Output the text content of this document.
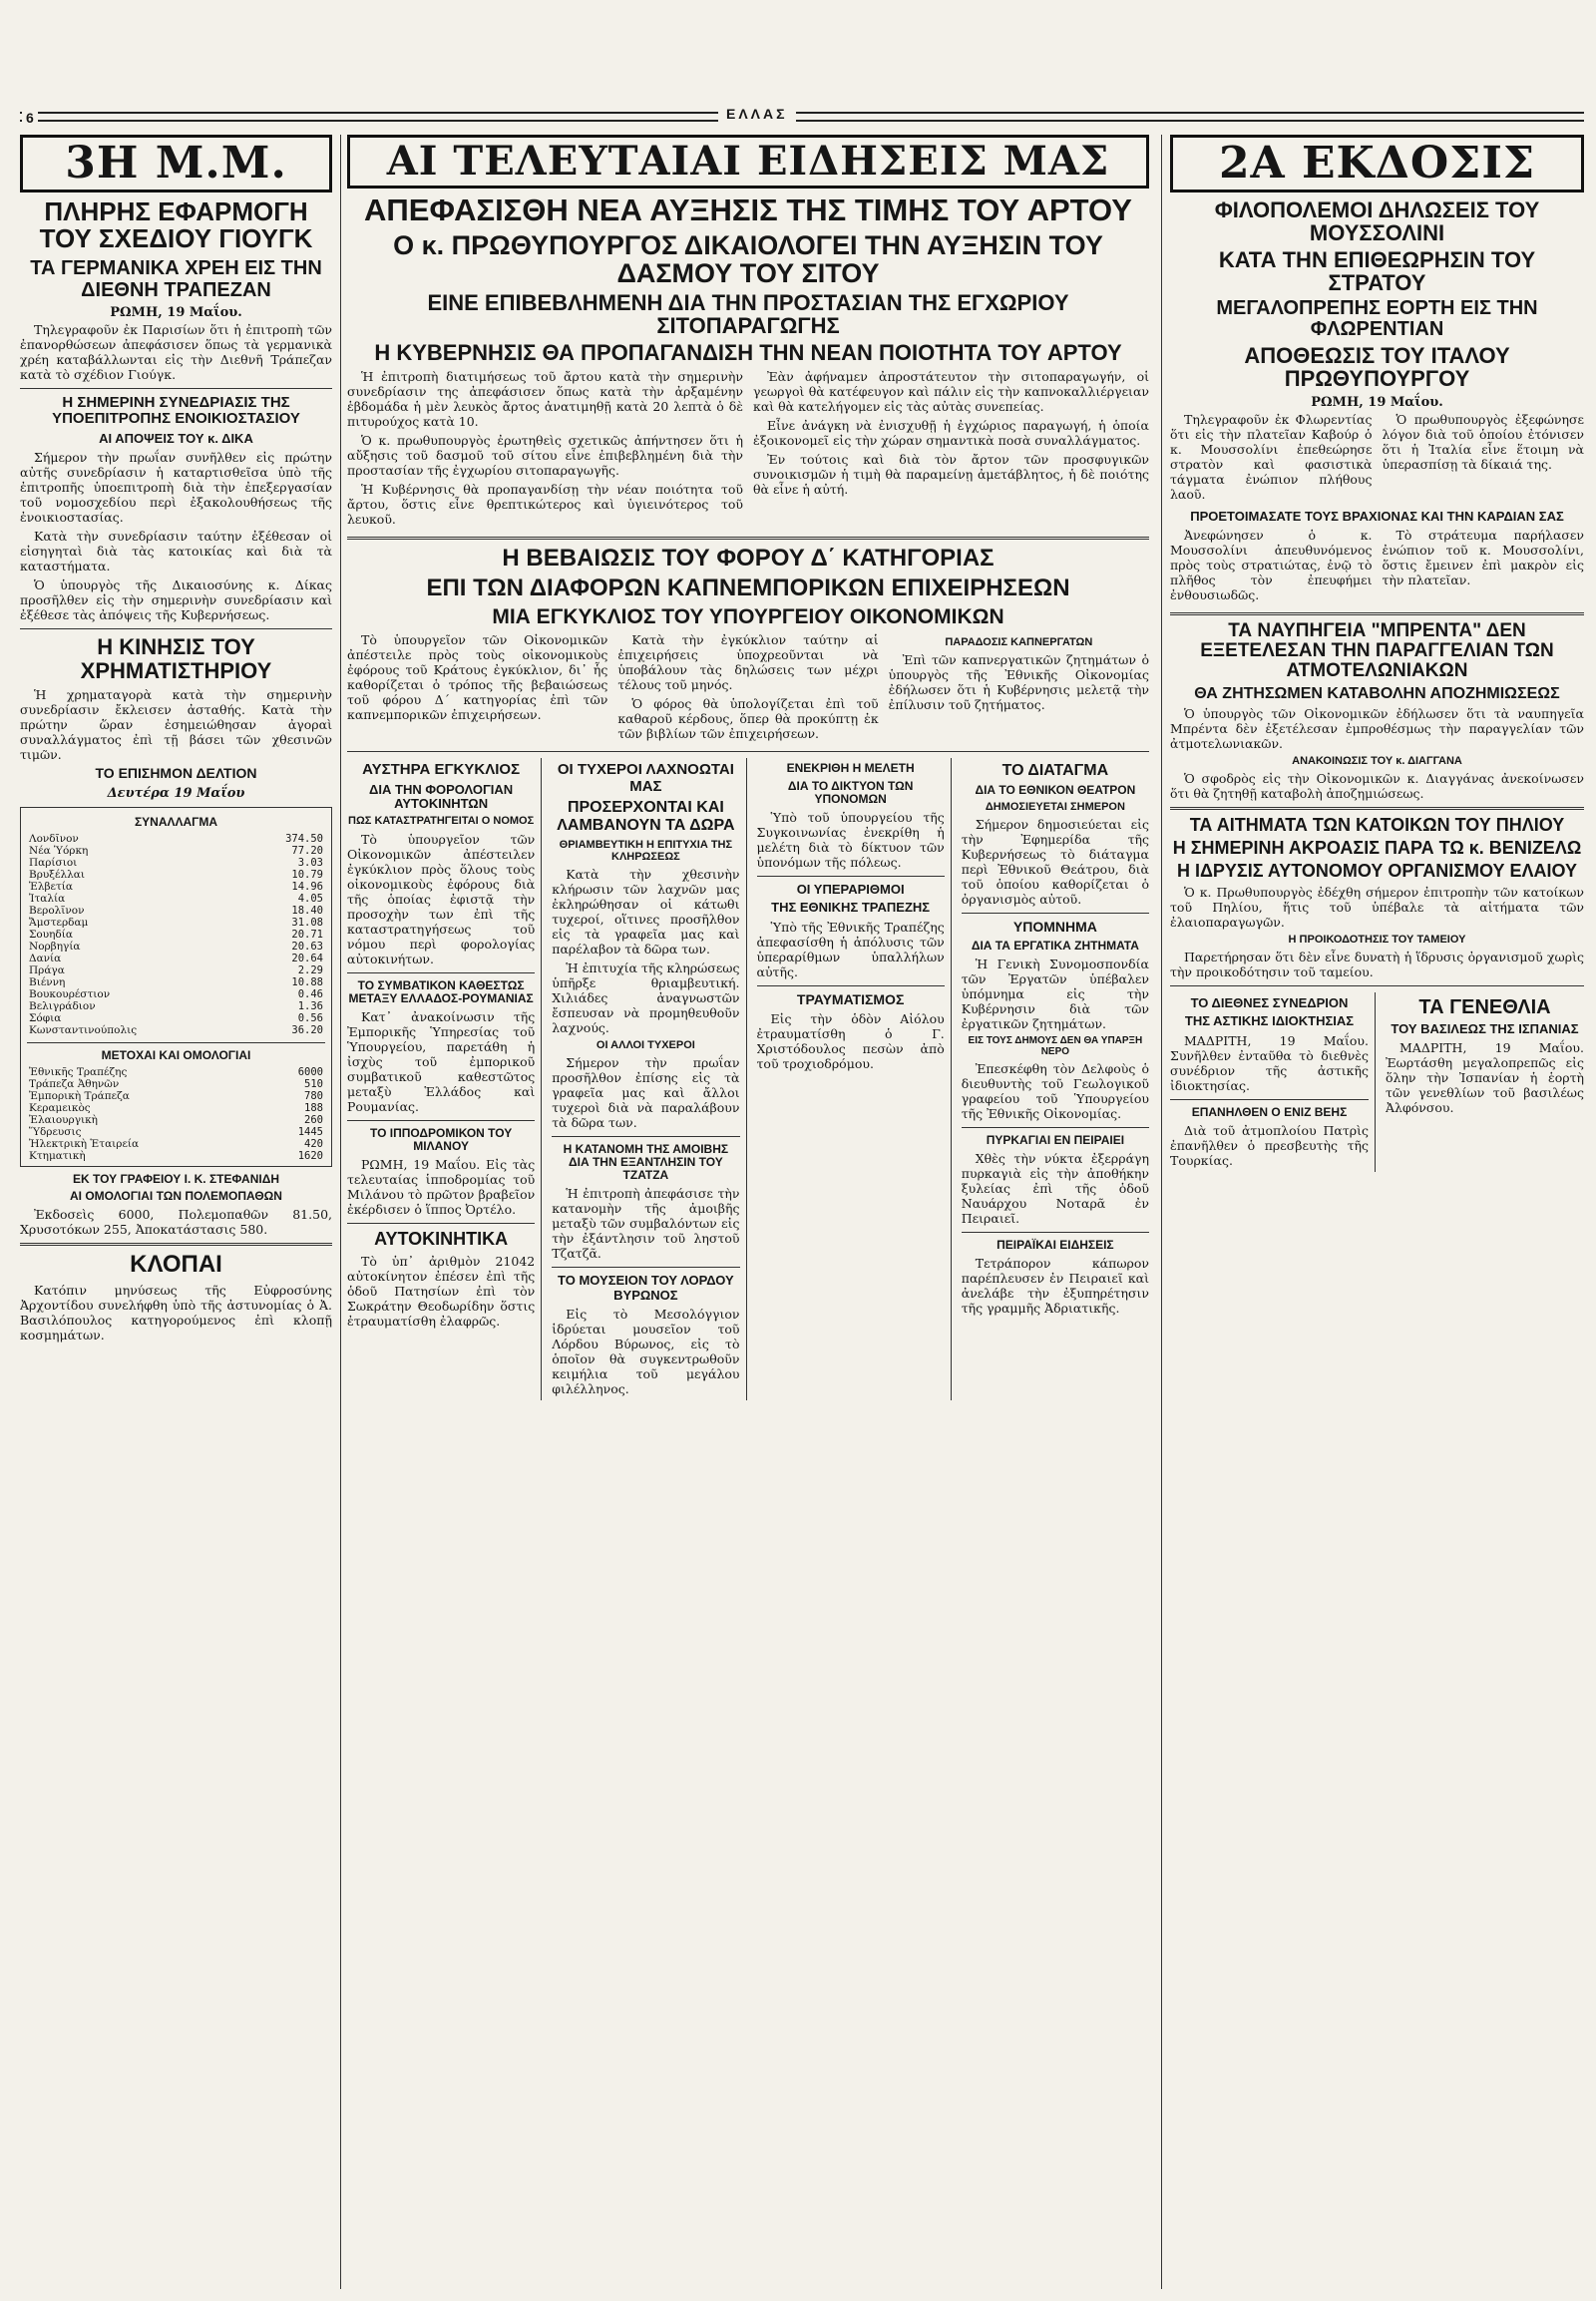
6	ΕΛΛΑΣ
3Η Μ.Μ.
ΠΛΗΡΗΣ ΕΦΑΡΜΟΓΗ ΤΟΥ ΣΧΕΔΙΟΥ ΓΙΟΥΓΚ
ΤΑ ΓΕΡΜΑΝΙΚΑ ΧΡΕΗ ΕΙΣ ΤΗΝ ΔΙΕΘΝΗ ΤΡΑΠΕΖΑΝ
ΡΩΜΗ, 19 Μαΐου.

Τηλεγραφοῦν ἐκ Παρισίων ὅτι ἡ ἐπιτροπὴ τῶν ἐπανορθώσεων ἀπεφάσισεν ὅπως τὰ γερμανικὰ χρέη καταβάλλωνται εἰς τὴν Διεθνῆ Τράπεζαν κατὰ τὸ σχέδιον Γιούγκ.

Η ΣΗΜΕΡΙΝΗ ΣΥΝΕΔΡΙΑΣΙΣ ΤΗΣ ΥΠΟΕΠΙΤΡΟΠΗΣ ΕΝΟΙΚΙΟΣΤΑΣΙΟΥ
ΑΙ ΑΠΟΨΕΙΣ ΤΟΥ κ. ΔΙΚΑ

Σήμερον τὴν πρωΐαν συνῆλθεν εἰς πρώτην αὐτῆς συνεδρίασιν ἡ καταρτισθεῖσα ὑπὸ τῆς ἐπιτροπῆς ὑποεπιτροπὴ διὰ τὴν ἐπεξεργασίαν τοῦ νομοσχεδίου περὶ ἐξακολουθήσεως τῆς ἐνοικιοστασίας.

Κατὰ τὴν συνεδρίασιν ταύτην ἐξέθεσαν οἱ εἰσηγηταὶ διὰ τὰς κατοικίας καὶ διὰ τὰ καταστήματα.

Ὁ ὑπουργὸς τῆς Δικαιοσύνης κ. Δίκας προσῆλθεν εἰς τὴν σημερινὴν συνεδρίασιν καὶ ἐξέθεσε τὰς ἀπόψεις τῆς Κυβερνήσεως.

Η ΚΙΝΗΣΙΣ ΤΟΥ ΧΡΗΜΑΤΙΣΤΗΡΙΟΥ

Ἡ χρηματαγορὰ κατὰ τὴν σημερινὴν συνεδρίασιν ἔκλεισεν ἀσταθής. Κατὰ τὴν πρώτην ὥραν ἐσημειώθησαν ἀγοραὶ συναλλάγματος ἐπὶ τῇ βάσει τῶν χθεσινῶν τιμῶν.

ΤΟ ΕΠΙΣΗΜΟΝ ΔΕΛΤΙΟΝ
Δευτέρα 19 Μαΐου
ΣΥΝΑΛΛΑΓΜΑ
Λονδῖνον	374.50
Νέα Ὑόρκη	77.20
Παρίσιοι	3.03
Βρυξέλλαι	10.79
Ἑλβετία	14.96
Ἰταλία	4.05
Βερολῖνον	18.40
Ἄμστερδαμ	31.08
Σουηδία	20.71
Νορβηγία	20.63
Δανία	20.64
Πράγα	2.29
Βιέννη	10.88
Βουκουρέστιον	0.46
Βελιγράδιον	1.36
Σόφια	0.56
Κωνσταντινούπολις	36.20
ΜΕΤΟΧΑΙ ΚΑΙ ΟΜΟΛΟΓΙΑΙ
Ἐθνικῆς Τραπέζης	6000
Τράπεζα Ἀθηνῶν	510
Ἐμπορικὴ Τράπεζα	780
Κεραμεικὸς	188
Ἐλαιουργικὴ	260
Ὕδρευσις	1445
Ἠλεκτρικὴ Ἑταιρεία	420
Κτηματικὴ	1620
ΕΚ ΤΟΥ ΓΡΑΦΕΙΟΥ Ι. Κ. ΣΤΕΦΑΝΙΔΗ
ΑΙ ΟΜΟΛΟΓΙΑΙ ΤΩΝ ΠΟΛΕΜΟΠΑΘΩΝ

Ἐκδοσεὶς 6000, Πολεμοπαθῶν 81.50, Χρυσοτόκων 255, Ἀποκατάστασις 580.

ΚΛΟΠΑΙ

Κατόπιν μηνύσεως τῆς Εὐφροσύνης Ἀρχοντίδου συνελήφθη ὑπὸ τῆς ἀστυνομίας ὁ Ἀ. Βασιλόπουλος κατηγορούμενος ἐπὶ κλοπῇ κοσμημάτων.

ΑΙ ΤΕΛΕΥΤΑΙΑΙ ΕΙΔΗΣΕΙΣ ΜΑΣ
ΑΠΕΦΑΣΙΣΘΗ ΝΕΑ ΑΥΞΗΣΙΣ ΤΗΣ ΤΙΜΗΣ ΤΟΥ ΑΡΤΟΥ
Ο κ. ΠΡΩΘΥΠΟΥΡΓΟΣ ΔΙΚΑΙΟΛΟΓΕΙ ΤΗΝ ΑΥΞΗΣΙΝ ΤΟΥ ΔΑΣΜΟΥ ΤΟΥ ΣΙΤΟΥ
ΕΙΝΕ ΕΠΙΒΕΒΛΗΜΕΝΗ ΔΙΑ ΤΗΝ ΠΡΟΣΤΑΣΙΑΝ ΤΗΣ ΕΓΧΩΡΙΟΥ ΣΙΤΟΠΑΡΑΓΩΓΗΣ
Η ΚΥΒΕΡΝΗΣΙΣ ΘΑ ΠΡΟΠΑΓΑΝΔΙΣΗ ΤΗΝ ΝΕΑΝ ΠΟΙΟΤΗΤΑ ΤΟΥ ΑΡΤΟΥ

Ἡ ἐπιτροπὴ διατιμήσεως τοῦ ἄρτου κατὰ τὴν σημερινὴν συνεδρίασιν της ἀπεφάσισεν ὅπως κατὰ τὴν ἀρξαμένην ἑβδομάδα ἡ μὲν λευκὸς ἄρτος ἀνατιμηθῇ κατὰ 20 λεπτὰ ὁ δὲ πιτυρούχος κατὰ 10.

Ὁ κ. πρωθυπουργὸς ἐρωτηθεὶς σχετικῶς ἀπήντησεν ὅτι ἡ αὔξησις τοῦ δασμοῦ τοῦ σίτου εἶνε ἐπιβεβλημένη διὰ τὴν προστασίαν τῆς ἐγχωρίου σιτοπαραγωγῆς.

Ἡ Κυβέρνησις θὰ προπαγανδίσῃ τὴν νέαν ποιότητα τοῦ ἄρτου, ὅστις εἶνε θρεπτικώτερος καὶ ὑγιεινότερος τοῦ λευκοῦ.

Ἐὰν ἀφήναμεν ἀπροστάτευτον τὴν σιτοπαραγωγήν, οἱ γεωργοὶ θὰ κατέφευγον καὶ πάλιν εἰς τὴν καπνοκαλλιέργειαν καὶ θὰ κατελήγομεν εἰς τὰς αὐτὰς συνεπείας.

Εἶνε ἀνάγκη νὰ ἐνισχυθῇ ἡ ἐγχώριος παραγωγή, ἡ ὁποία ἐξοικονομεῖ εἰς τὴν χώραν σημαντικὰ ποσὰ συναλλάγματος.

Ἐν τούτοις καὶ διὰ τὸν ἄρτον τῶν προσφυγικῶν συνοικισμῶν ἡ τιμὴ θὰ παραμείνῃ ἀμετάβλητος, ἡ δὲ ποιότης θὰ εἶνε ἡ αὐτή.

Η ΒΕΒΑΙΩΣΙΣ ΤΟΥ ΦΟΡΟΥ Δ΄ ΚΑΤΗΓΟΡΙΑΣ
ΕΠΙ ΤΩΝ ΔΙΑΦΟΡΩΝ ΚΑΠΝΕΜΠΟΡΙΚΩΝ ΕΠΙΧΕΙΡΗΣΕΩΝ
ΜΙΑ ΕΓΚΥΚΛΙΟΣ ΤΟΥ ΥΠΟΥΡΓΕΙΟΥ ΟΙΚΟΝΟΜΙΚΩΝ

Τὸ ὑπουργεῖον τῶν Οἰκονομικῶν ἀπέστειλε πρὸς τοὺς οἰκονομικοὺς ἐφόρους τοῦ Κράτους ἐγκύκλιον, δι᾿ ἧς καθορίζεται ὁ τρόπος τῆς βεβαιώσεως τοῦ φόρου Δ΄ κατηγορίας ἐπὶ τῶν καπνεμπορικῶν ἐπιχειρήσεων.

Κατὰ τὴν ἐγκύκλιον ταύτην αἱ ἐπιχειρήσεις ὑποχρεοῦνται νὰ ὑποβάλουν τὰς δηλώσεις των μέχρι τέλους τοῦ μηνός.

Ὁ φόρος θὰ ὑπολογίζεται ἐπὶ τοῦ καθαροῦ κέρδους, ὅπερ θὰ προκύπτῃ ἐκ τῶν βιβλίων τῶν ἐπιχειρήσεων.

ΠΑΡΑΔΟΣΙΣ ΚΑΠΝΕΡΓΑΤΩΝ

Ἐπὶ τῶν καπνεργατικῶν ζητημάτων ὁ ὑπουργὸς τῆς Ἐθνικῆς Οἰκονομίας ἐδήλωσεν ὅτι ἡ Κυβέρνησις μελετᾷ τὴν ἐπίλυσιν τοῦ ζητήματος.

ΑΥΣΤΗΡΑ ΕΓΚΥΚΛΙΟΣ
ΔΙΑ ΤΗΝ ΦΟΡΟΛΟΓΙΑΝ ΑΥΤΟΚΙΝΗΤΩΝ
ΠΩΣ ΚΑΤΑΣΤΡΑΤΗΓΕΙΤΑΙ Ο ΝΟΜΟΣ

Τὸ ὑπουργεῖον τῶν Οἰκονομικῶν ἀπέστειλεν ἐγκύκλιον πρὸς ὅλους τοὺς οἰκονομικοὺς ἐφόρους διὰ τῆς ὁποίας ἐφιστᾷ τὴν προσοχὴν των ἐπὶ τῆς καταστρατηγήσεως τοῦ νόμου περὶ φορολογίας αὐτοκινήτων.

ΤΟ ΣΥΜΒΑΤΙΚΟΝ ΚΑΘΕΣΤΩΣ ΜΕΤΑΞΥ ΕΛΛΑΔΟΣ-ΡΟΥΜΑΝΙΑΣ

Κατ᾿ ἀνακοίνωσιν τῆς Ἐμπορικῆς Ὑπηρεσίας τοῦ Ὑπουργείου, παρετάθη ἡ ἰσχὺς τοῦ ἐμπορικοῦ συμβατικοῦ καθεστῶτος μεταξὺ Ἑλλάδος καὶ Ρουμανίας.

ΤΟ ΙΠΠΟΔΡΟΜΙΚΟΝ ΤΟΥ ΜΙΛΑΝΟΥ

ΡΩΜΗ, 19 Μαΐου. Εἰς τὰς τελευταίας ἱπποδρομίας τοῦ Μιλάνου τὸ πρῶτον βραβεῖον ἐκέρδισεν ὁ ἵππος Ὀρτέλο.

ΑΥΤΟΚΙΝΗΤΙΚΑ

Τὸ ὑπ᾿ ἀριθμὸν 21042 αὐτοκίνητον ἐπέσεν ἐπὶ τῆς ὁδοῦ Πατησίων ἐπὶ τὸν Σωκράτην Θεοδωρίδην ὅστις ἐτραυματίσθη ἐλαφρῶς.

ΟΙ ΤΥΧΕΡΟΙ ΛΑΧΝΟΩΤΑΙ ΜΑΣ
ΠΡΟΣΕΡΧΟΝΤΑΙ ΚΑΙ ΛΑΜΒΑΝΟΥΝ ΤΑ ΔΩΡΑ
ΘΡΙΑΜΒΕΥΤΙΚΗ Η ΕΠΙΤΥΧΙΑ ΤΗΣ ΚΛΗΡΩΣΕΩΣ

Κατὰ τὴν χθεσινὴν κλήρωσιν τῶν λαχνῶν μας ἐκληρώθησαν οἱ κάτωθι τυχεροί, οἵτινες προσῆλθον εἰς τὰ γραφεῖα μας καὶ παρέλαβον τὰ δῶρα των.

Ἡ ἐπιτυχία τῆς κληρώσεως ὑπῆρξε θριαμβευτική. Χιλιάδες ἀναγνωστῶν ἔσπευσαν νὰ προμηθευθοῦν λαχνούς.

ΟΙ ΑΛΛΟΙ ΤΥΧΕΡΟΙ

Σήμερον τὴν πρωΐαν προσῆλθον ἐπίσης εἰς τὰ γραφεῖα μας καὶ ἄλλοι τυχεροὶ διὰ νὰ παραλάβουν τὰ δῶρα των.

Η ΚΑΤΑΝΟΜΗ ΤΗΣ ΑΜΟΙΒΗΣ ΔΙΑ ΤΗΝ ΕΞΑΝΤΛΗΣΙΝ ΤΟΥ ΤΖΑΤΖΑ

Ἡ ἐπιτροπὴ ἀπεφάσισε τὴν κατανομὴν τῆς ἀμοιβῆς μεταξὺ τῶν συμβαλόντων εἰς τὴν ἐξάντλησιν τοῦ ληστοῦ Τζατζᾶ.

ΤΟ ΜΟΥΣΕΙΟΝ ΤΟΥ ΛΟΡΔΟΥ ΒΥΡΩΝΟΣ

Εἰς τὸ Μεσολόγγιον ἱδρύεται μουσεῖον τοῦ Λόρδου Βύρωνος, εἰς τὸ ὁποῖον θὰ συγκεντρωθοῦν κειμήλια τοῦ μεγάλου φιλέλληνος.

ΕΝΕΚΡΙΘΗ Η ΜΕΛΕΤΗ
ΔΙΑ ΤΟ ΔΙΚΤΥΟΝ ΤΩΝ ΥΠΟΝΟΜΩΝ

Ὑπὸ τοῦ ὑπουργείου τῆς Συγκοινωνίας ἐνεκρίθη ἡ μελέτη διὰ τὸ δίκτυον τῶν ὑπονόμων τῆς πόλεως.

ΟΙ ΥΠΕΡΑΡΙΘΜΟΙ
ΤΗΣ ΕΘΝΙΚΗΣ ΤΡΑΠΕΖΗΣ

Ὑπὸ τῆς Ἐθνικῆς Τραπέζης ἀπεφασίσθη ἡ ἀπόλυσις τῶν ὑπεραρίθμων ὑπαλλήλων αὐτῆς.

ΤΡΑΥΜΑΤΙΣΜΟΣ

Εἰς τὴν ὁδὸν Αἰόλου ἐτραυματίσθη ὁ Γ. Χριστόδουλος πεσὼν ἀπὸ τοῦ τροχιοδρόμου.

ΤΟ ΔΙΑΤΑΓΜΑ
ΔΙΑ ΤΟ ΕΘΝΙΚΟΝ ΘΕΑΤΡΟΝ
ΔΗΜΟΣΙΕΥΕΤΑΙ ΣΗΜΕΡΟΝ

Σήμερον δημοσιεύεται εἰς τὴν Ἐφημερίδα τῆς Κυβερνήσεως τὸ διάταγμα περὶ Ἐθνικοῦ Θεάτρου, διὰ τοῦ ὁποίου καθορίζεται ὁ ὀργανισμὸς αὐτοῦ.

ΥΠΟΜΝΗΜΑ
ΔΙΑ ΤΑ ΕΡΓΑΤΙΚΑ ΖΗΤΗΜΑΤΑ

Ἡ Γενικὴ Συνομοσπονδία τῶν Ἐργατῶν ὑπέβαλεν ὑπόμνημα εἰς τὴν Κυβέρνησιν διὰ τῶν ἐργατικῶν ζητημάτων.

ΕΙΣ ΤΟΥΣ ΔΗΜΟΥΣ ΔΕΝ ΘΑ ΥΠΑΡΞΗ ΝΕΡΟ

Ἐπεσκέφθη τὸν Δελφοὺς ὁ διευθυντὴς τοῦ Γεωλογικοῦ γραφείου τοῦ Ὑπουργείου τῆς Ἐθνικῆς Οἰκονομίας.

ΠΥΡΚΑΓΙΑΙ ΕΝ ΠΕΙΡΑΙΕΙ

Χθὲς τὴν νύκτα ἐξερράγη πυρκαγιὰ εἰς τὴν ἀποθήκην ξυλείας ἐπὶ τῆς ὁδοῦ Ναυάρχου Νοταρᾶ ἐν Πειραιεῖ.

ΠΕΙΡΑΪΚΑΙ ΕΙΔΗΣΕΙΣ

Τετράπορον κάπωρον παρέπλευσεν ἐν Πειραιεῖ καὶ ἀνελάβε τὴν ἐξυπηρέτησιν τῆς γραμμῆς Ἀδριατικῆς.

2Α ΕΚΔΟΣΙΣ
ΦΙΛΟΠΟΛΕΜΟΙ ΔΗΛΩΣΕΙΣ ΤΟΥ ΜΟΥΣΣΟΛΙΝΙ
ΚΑΤΑ ΤΗΝ ΕΠΙΘΕΩΡΗΣΙΝ ΤΟΥ ΣΤΡΑΤΟΥ
ΜΕΓΑΛΟΠΡΕΠΗΣ ΕΟΡΤΗ ΕΙΣ ΤΗΝ ΦΛΩΡΕΝΤΙΑΝ
ΑΠΟΘΕΩΣΙΣ ΤΟΥ ΙΤΑΛΟΥ ΠΡΩΘΥΠΟΥΡΓΟΥ
ΡΩΜΗ, 19 Μαΐου.

Τηλεγραφοῦν ἐκ Φλωρεντίας ὅτι εἰς τὴν πλατεῖαν Καβούρ ὁ κ. Μουσσολίνι ἐπεθεώρησε στρατὸν καὶ φασιστικὰ τάγματα ἐνώπιον πλήθους λαοῦ.

Ὁ πρωθυπουργὸς ἐξεφώνησε λόγον διὰ τοῦ ὁποίου ἐτόνισεν ὅτι ἡ Ἰταλία εἶνε ἕτοιμη νὰ ὑπερασπίσῃ τὰ δίκαιά της.

ΠΡΟΕΤΟΙΜΑΣΑΤΕ ΤΟΥΣ ΒΡΑΧΙΟΝΑΣ ΚΑΙ ΤΗΝ ΚΑΡΔΙΑΝ ΣΑΣ

Ἀνεφώνησεν ὁ κ. Μουσσολίνι ἀπευθυνόμενος πρὸς τοὺς στρατιώτας, ἐνῷ τὸ πλῆθος τὸν ἐπευφήμει ἐνθουσιωδῶς.

Τὸ στράτευμα παρήλασεν ἐνώπιον τοῦ κ. Μουσσολίνι, ὅστις ἔμεινεν ἐπὶ μακρὸν εἰς τὴν πλατεῖαν.

ΤΑ ΝΑΥΠΗΓΕΙΑ "ΜΠΡΕΝΤΑ" ΔΕΝ ΕΞΕΤΕΛΕΣΑΝ ΤΗΝ ΠΑΡΑΓΓΕΛΙΑΝ ΤΩΝ ΑΤΜΟΤΕΛΩΝΙΑΚΩΝ
ΘΑ ΖΗΤΗΣΩΜΕΝ ΚΑΤΑΒΟΛΗΝ ΑΠΟΖΗΜΙΩΣΕΩΣ

Ὁ ὑπουργὸς τῶν Οἰκονομικῶν ἐδήλωσεν ὅτι τὰ ναυπηγεῖα Μπρέντα δὲν ἐξετέλεσαν ἐμπροθέσμως τὴν παραγγελίαν τῶν ἀτμοτελωνιακῶν.

ΑΝΑΚΟΙΝΩΣΙΣ ΤΟΥ κ. ΔΙΑΓΓΑΝΑ

Ὁ σφοδρὸς εἰς τὴν Οἰκονομικῶν κ. Διαγγάνας ἀνεκοίνωσεν ὅτι θὰ ζητηθῇ καταβολὴ ἀποζημιώσεως.

ΤΑ ΑΙΤΗΜΑΤΑ ΤΩΝ ΚΑΤΟΙΚΩΝ ΤΟΥ ΠΗΛΙΟΥ
Η ΣΗΜΕΡΙΝΗ ΑΚΡΟΑΣΙΣ ΠΑΡΑ ΤΩ κ. ΒΕΝΙΖΕΛΩ
Η ΙΔΡΥΣΙΣ ΑΥΤΟΝΟΜΟΥ ΟΡΓΑΝΙΣΜΟΥ ΕΛΑΙΟΥ

Ὁ κ. Πρωθυπουργὸς ἐδέχθη σήμερον ἐπιτροπὴν τῶν κατοίκων τοῦ Πηλίου, ἥτις τοῦ ὑπέβαλε τὰ αἰτήματα τῶν ἐλαιοπαραγωγῶν.

Η ΠΡΟΙΚΟΔΟΤΗΣΙΣ ΤΟΥ ΤΑΜΕΙΟΥ

Παρετήρησαν ὅτι δὲν εἶνε δυνατὴ ἡ ἵδρυσις ὀργανισμοῦ χωρὶς τὴν προικοδότησιν τοῦ ταμείου.

ΤΟ ΔΙΕΘΝΕΣ ΣΥΝΕΔΡΙΟΝ
ΤΗΣ ΑΣΤΙΚΗΣ ΙΔΙΟΚΤΗΣΙΑΣ

ΜΑΔΡΙΤΗ, 19 Μαΐου. Συνῆλθεν ἐνταῦθα τὸ διεθνὲς συνέδριον τῆς ἀστικῆς ἰδιοκτησίας.

ΕΠΑΝΗΛΘΕΝ Ο ΕΝΙΖ ΒΕΗΣ

Διὰ τοῦ ἀτμοπλοίου Πατρὶς ἐπανῆλθεν ὁ πρεσβευτὴς τῆς Τουρκίας.

ΤΑ ΓΕΝΕΘΛΙΑ
ΤΟΥ ΒΑΣΙΛΕΩΣ ΤΗΣ ΙΣΠΑΝΙΑΣ

ΜΑΔΡΙΤΗ, 19 Μαΐου. Ἐωρτάσθη μεγαλοπρεπῶς εἰς ὅλην τὴν Ἰσπανίαν ἡ ἑορτὴ τῶν γενεθλίων τοῦ βασιλέως Ἀλφόνσου.
